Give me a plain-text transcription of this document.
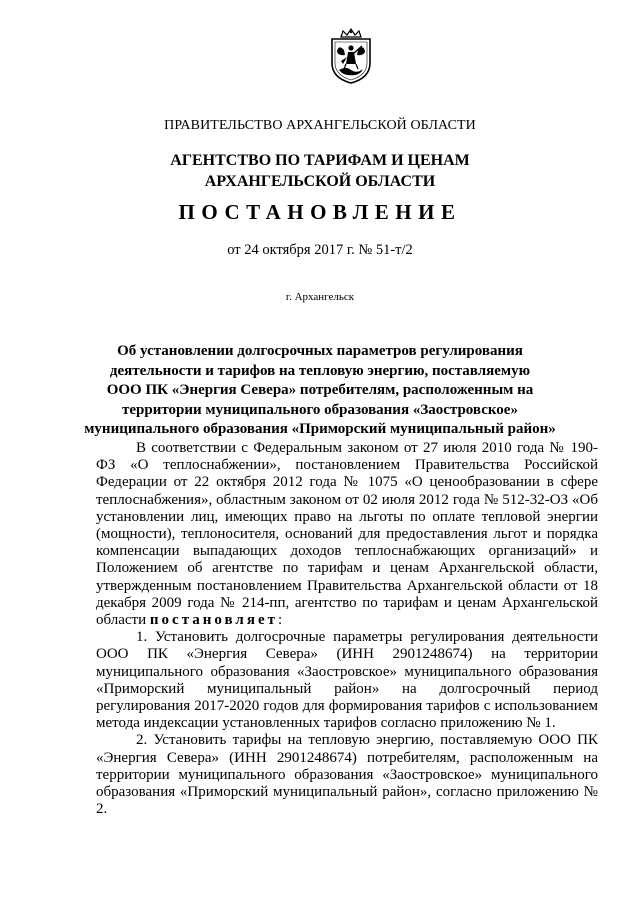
ПРАВИТЕЛЬСТВО АРХАНГЕЛЬСКОЙ ОБЛАСТИ
АГЕНТСТВО ПО ТАРИФАМ И ЦЕНАМ
АРХАНГЕЛЬСКОЙ ОБЛАСТИ
ПОСТАНОВЛЕНИЕ
от 24 октября 2017 г. № 51-т/2
г. Архангельск
Об установлении долгосрочных параметров регулирования
деятельности и тарифов на тепловую энергию, поставляемую
ООО ПК «Энергия Севера» потребителям, расположенным на
территории муниципального образования «Заостровское»
муниципального образования «Приморский муниципальный район»

В соответствии с Федеральным законом от 27 июля 2010 года № 190-ФЗ «О теплоснабжении», постановлением Правительства Российской Федерации от 22 октября 2012 года № 1075 «О ценообразовании в сфере теплоснабжения», областным законом от 02 июля 2012 года № 512-32-ОЗ «Об установлении лиц, имеющих право на льготы по оплате тепловой энергии (мощности), теплоносителя, оснований для предоставления льгот и порядка компенсации выпадающих доходов теплоснабжающих организаций» и Положением об агентстве по тарифам и ценам Архангельской области, утвержденным постановлением Правительства Архангельской области от 18 декабря 2009 года № 214-пп, агентство по тарифам и ценам Архангельской области постановляет:

1. Установить долгосрочные параметры регулирования деятельности ООО ПК «Энергия Севера» (ИНН 2901248674) на территории муниципального образования «Заостровское» муниципального образования «Приморский муниципальный район» на долгосрочный период регулирования 2017-2020 годов для формирования тарифов с использованием метода индексации установленных тарифов согласно приложению № 1.

2. Установить тарифы на тепловую энергию, поставляемую ООО ПК «Энергия Севера» (ИНН 2901248674) потребителям, расположенным на территории муниципального образования «Заостровское» муниципального образования «Приморский муниципальный район», согласно приложению № 2.
